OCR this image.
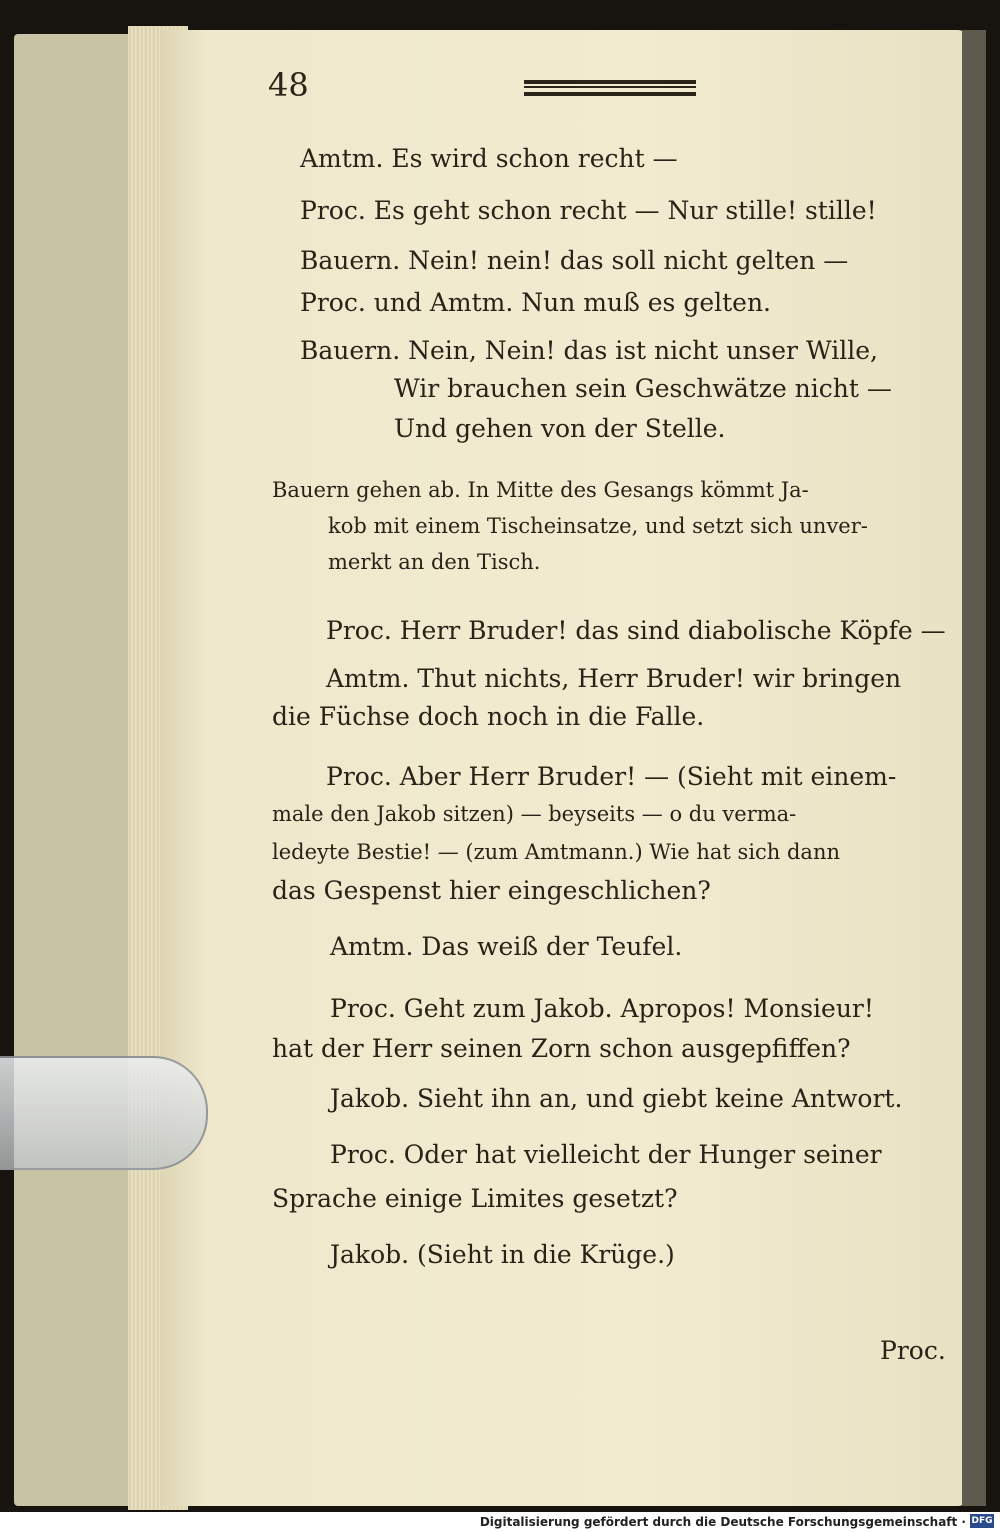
48
Amtm. Es wird schon recht —
Proc. Es geht schon recht — Nur stille! stille!
Bauern. Nein! nein! das soll nicht gelten —
Proc. und Amtm. Nun muß es gelten.
Bauern. Nein, Nein! das ist nicht unser Wille,
Wir brauchen sein Geschwätze nicht —
Und gehen von der Stelle.
Bauern gehen ab. In Mitte des Gesangs kömmt Ja-
kob mit einem Tischeinsatze, und setzt sich unver-
merkt an den Tisch.
Proc. Herr Bruder! das sind diabolische Köpfe —
Amtm. Thut nichts, Herr Bruder! wir bringen
die Füchse doch noch in die Falle.
Proc. Aber Herr Bruder! — (Sieht mit einem-
male den Jakob sitzen) — beyseits — o du verma-
ledeyte Bestie! — (zum Amtmann.) Wie hat sich dann
das Gespenst hier eingeschlichen?
Amtm. Das weiß der Teufel.
Proc. Geht zum Jakob. Apropos! Monsieur!
hat der Herr seinen Zorn schon ausgepfiffen?
Jakob. Sieht ihn an, und giebt keine Antwort.
Proc. Oder hat vielleicht der Hunger seiner
Sprache einige Limites gesetzt?
Jakob. (Sieht in die Krüge.)
Proc.
Digitalisierung gefördert durch die Deutsche Forschungsgemeinschaft · DFG
